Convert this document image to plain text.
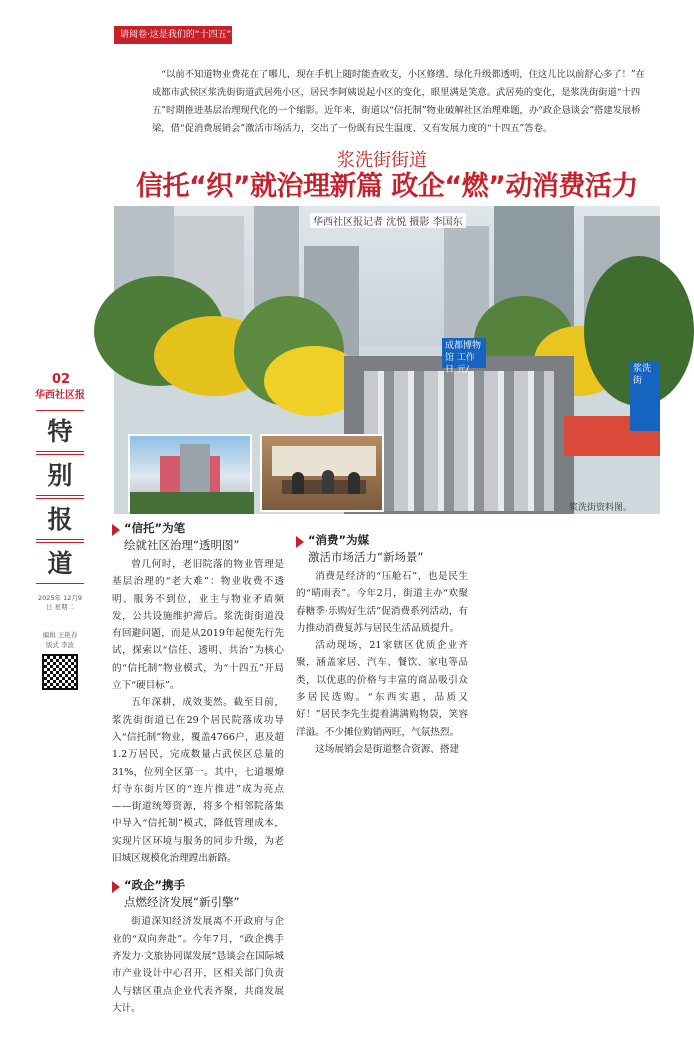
请阅卷·这是我们的“十四五”答卷

“以前不知道物业费花在了哪儿，现在手机上随时能查收支，小区修缮、绿化升级都透明，住这儿比以前舒心多了！”在成都市武侯区浆洗街街道武居苑小区，居民李阿姨说起小区的变化，眼里满是笑意。武居苑的变化，是浆洗街街道“十四五”时期推进基层治理现代化的一个缩影。近年来，街道以“信托制”物业破解社区治理难题，办“政企恳谈会”搭建发展桥梁，借“促消费展销会”激活市场活力，交出了一份既有民生温度、又有发展力度的“十四五”答卷。

浆洗街街道
成都博物馆 工作日 元/	浆洗街
信托“织”就治理新篇 政企“燃”动消费活力
华西社区报记者 沈悦 摄影 李国东
浆洗街资料图。
02
华西社区报
特
别
报
道
2025年 12月9日 星期二
编辑 王艳春
版式 李波
“信托”为笔
绘就社区治理“透明图”

曾几何时，老旧院落的物业管理是基层治理的“老大难”：物业收费不透明、服务不到位，业主与物业矛盾频发，公共设施维护滞后。浆洗街街道没有回避问题，而是从2019年起便先行先试，探索以“信任、透明、共治”为核心的“信托制”物业模式，为“十四五”开局立下“硬目标”。

五年深耕，成效斐然。截至目前，浆洗街街道已在29个居民院落成功导入“信托制”物业，覆盖4766户，惠及超1.2万居民，完成数量占武侯区总量的31%，位列全区第一。其中，七道堰燎灯寺东街片区的“连片推进”成为亮点——街道统筹资源，将多个相邻院落集中导入“信托制”模式，降低管理成本，实现片区环境与服务的同步升级，为老旧城区规模化治理蹚出新路。

“政企”携手
点燃经济发展“新引擎”

街道深知经济发展离不开政府与企业的“双向奔赴”。今年7月，“政企携手齐发力·文旅协同谋发展”恳谈会在国际城市产业设计中心召开，区相关部门负责人与辖区重点企业代表齐聚，共商发展大计。

“消费”为媒
激活市场活力“新场景”

消费是经济的“压舱石”，也是民生的“晴雨表”。今年2月，街道主办“欢聚春糖季·乐购好生活”促消费系列活动，有力推动消费复苏与居民生活品质提升。

活动现场，21家辖区优质企业齐聚，涵盖家居、汽车、餐饮、家电等品类，以优惠的价格与丰富的商品吸引众多居民选购。“东西实惠，品质又好！”居民李先生提着满满购物袋，笑容洋溢。不少摊位购销两旺，气氛热烈。

这场展销会是街道整合资源、搭建
